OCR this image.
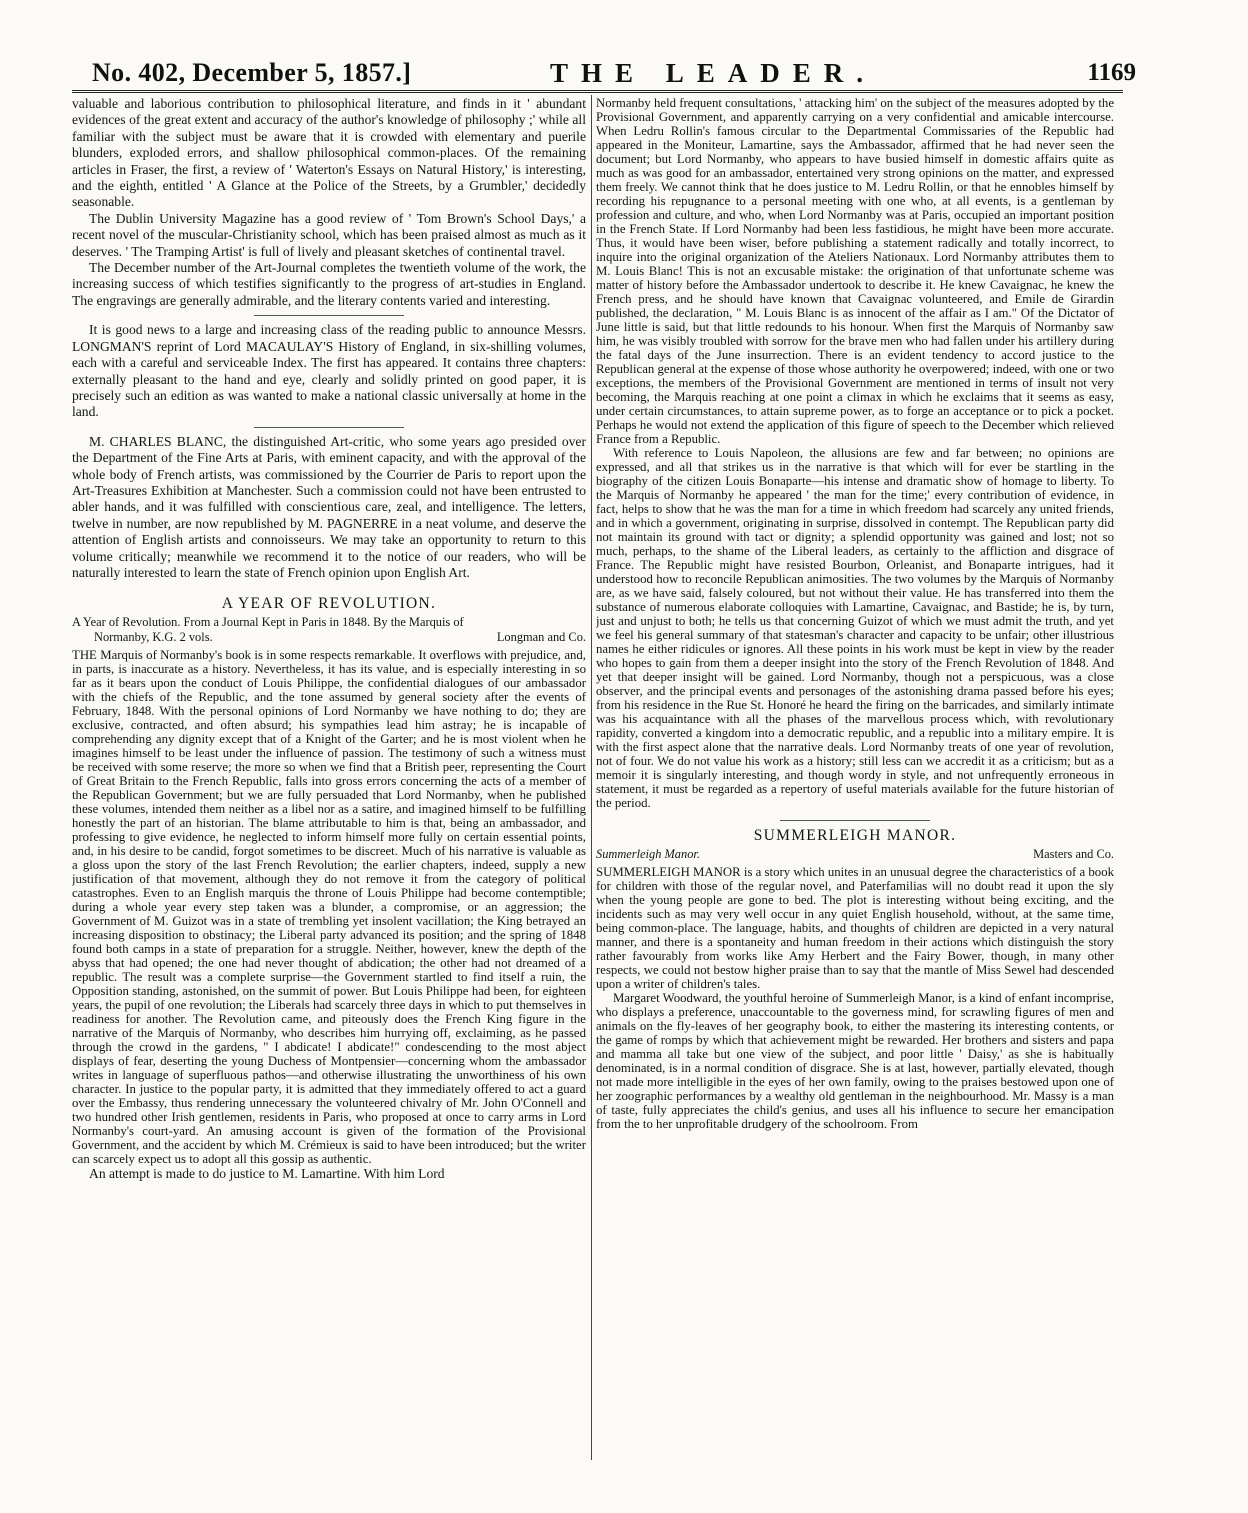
No. 402, December 5, 1857.]	THE LEADER.	1169

valuable and laborious contribution to philosophical literature, and finds in it ' abundant evidences of the great extent and accuracy of the author's knowledge of philosophy ;' while all familiar with the subject must be aware that it is crowded with elementary and puerile blunders, exploded errors, and shallow philosophical common-places. Of the remaining articles in Fraser, the first, a review of ' Waterton's Essays on Natural History,' is interesting, and the eighth, entitled ' A Glance at the Police of the Streets, by a Grumbler,' decidedly seasonable.

The Dublin University Magazine has a good review of ' Tom Brown's School Days,' a recent novel of the muscular-Christianity school, which has been praised almost as much as it deserves. ' The Tramping Artist' is full of lively and pleasant sketches of continental travel.

The December number of the Art-Journal completes the twentieth volume of the work, the increasing success of which testifies significantly to the progress of art-studies in England. The engravings are generally admirable, and the literary contents varied and interesting.

It is good news to a large and increasing class of the reading public to announce Messrs. LONGMAN'S reprint of Lord MACAULAY'S History of England, in six-shilling volumes, each with a careful and serviceable Index. The first has appeared. It contains three chapters: externally pleasant to the hand and eye, clearly and solidly printed on good paper, it is precisely such an edition as was wanted to make a national classic universally at home in the land.

M. CHARLES BLANC, the distinguished Art-critic, who some years ago presided over the Department of the Fine Arts at Paris, with eminent capacity, and with the approval of the whole body of French artists, was commissioned by the Courrier de Paris to report upon the Art-Treasures Exhibition at Manchester. Such a commission could not have been entrusted to abler hands, and it was fulfilled with conscientious care, zeal, and intelligence. The letters, twelve in number, are now republished by M. PAGNERRE in a neat volume, and deserve the attention of English artists and connoisseurs. We may take an opportunity to return to this volume critically; meanwhile we recommend it to the notice of our readers, who will be naturally interested to learn the state of French opinion upon English Art.

A YEAR OF REVOLUTION.
A Year of Revolution. From a Journal Kept in Paris in 1848. By the Marquis of
Longman and Co.
Normanby, K.G. 2 vols.

THE Marquis of Normanby's book is in some respects remarkable. It overflows with prejudice, and, in parts, is inaccurate as a history. Nevertheless, it has its value, and is especially interesting in so far as it bears upon the conduct of Louis Philippe, the confidential dialogues of our ambassador with the chiefs of the Republic, and the tone assumed by general society after the events of February, 1848. With the personal opinions of Lord Normanby we have nothing to do; they are exclusive, contracted, and often absurd; his sympathies lead him astray; he is incapable of comprehending any dignity except that of a Knight of the Garter; and he is most violent when he imagines himself to be least under the influence of passion. The testimony of such a witness must be received with some reserve; the more so when we find that a British peer, representing the Court of Great Britain to the French Republic, falls into gross errors concerning the acts of a member of the Republican Government; but we are fully persuaded that Lord Normanby, when he published these volumes, intended them neither as a libel nor as a satire, and imagined himself to be fulfilling honestly the part of an historian. The blame attributable to him is that, being an ambassador, and professing to give evidence, he neglected to inform himself more fully on certain essential points, and, in his desire to be candid, forgot sometimes to be discreet. Much of his narrative is valuable as a gloss upon the story of the last French Revolution; the earlier chapters, indeed, supply a new justification of that movement, although they do not remove it from the category of political catastrophes. Even to an English marquis the throne of Louis Philippe had become contemptible; during a whole year every step taken was a blunder, a compromise, or an aggression; the Government of M. Guizot was in a state of trembling yet insolent vacillation; the King betrayed an increasing disposition to obstinacy; the Liberal party advanced its position; and the spring of 1848 found both camps in a state of preparation for a struggle. Neither, however, knew the depth of the abyss that had opened; the one had never thought of abdication; the other had not dreamed of a republic. The result was a complete surprise—the Government startled to find itself a ruin, the Opposition standing, astonished, on the summit of power. But Louis Philippe had been, for eighteen years, the pupil of one revolution; the Liberals had scarcely three days in which to put themselves in readiness for another. The Revolution came, and piteously does the French King figure in the narrative of the Marquis of Normanby, who describes him hurrying off, exclaiming, as he passed through the crowd in the gardens, " I abdicate! I abdicate!" condescending to the most abject displays of fear, deserting the young Duchess of Montpensier—concerning whom the ambassador writes in language of superfluous pathos—and otherwise illustrating the unworthiness of his own character. In justice to the popular party, it is admitted that they immediately offered to act a guard over the Embassy, thus rendering unnecessary the volunteered chivalry of Mr. John O'Connell and two hundred other Irish gentlemen, residents in Paris, who proposed at once to carry arms in Lord Normanby's court-yard. An amusing account is given of the formation of the Provisional Government, and the accident by which M. Crémieux is said to have been introduced; but the writer can scarcely expect us to adopt all this gossip as authentic.

An attempt is made to do justice to M. Lamartine. With him Lord

Normanby held frequent consultations, ' attacking him' on the subject of the measures adopted by the Provisional Government, and apparently carrying on a very confidential and amicable intercourse. When Ledru Rollin's famous circular to the Departmental Commissaries of the Republic had appeared in the Moniteur, Lamartine, says the Ambassador, affirmed that he had never seen the document; but Lord Normanby, who appears to have busied himself in domestic affairs quite as much as was good for an ambassador, entertained very strong opinions on the matter, and expressed them freely. We cannot think that he does justice to M. Ledru Rollin, or that he ennobles himself by recording his repugnance to a personal meeting with one who, at all events, is a gentleman by profession and culture, and who, when Lord Normanby was at Paris, occupied an important position in the French State. If Lord Normanby had been less fastidious, he might have been more accurate. Thus, it would have been wiser, before publishing a statement radically and totally incorrect, to inquire into the original organization of the Ateliers Nationaux. Lord Normanby attributes them to M. Louis Blanc! This is not an excusable mistake: the origination of that unfortunate scheme was matter of history before the Ambassador undertook to describe it. He knew Cavaignac, he knew the French press, and he should have known that Cavaignac volunteered, and Emile de Girardin published, the declaration, " M. Louis Blanc is as innocent of the affair as I am." Of the Dictator of June little is said, but that little redounds to his honour. When first the Marquis of Normanby saw him, he was visibly troubled with sorrow for the brave men who had fallen under his artillery during the fatal days of the June insurrection. There is an evident tendency to accord justice to the Republican general at the expense of those whose authority he overpowered; indeed, with one or two exceptions, the members of the Provisional Government are mentioned in terms of insult not very becoming, the Marquis reaching at one point a climax in which he exclaims that it seems as easy, under certain circumstances, to attain supreme power, as to forge an acceptance or to pick a pocket. Perhaps he would not extend the application of this figure of speech to the December which relieved France from a Republic.

With reference to Louis Napoleon, the allusions are few and far between; no opinions are expressed, and all that strikes us in the narrative is that which will for ever be startling in the biography of the citizen Louis Bonaparte—his intense and dramatic show of homage to liberty. To the Marquis of Normanby he appeared ' the man for the time;' every contribution of evidence, in fact, helps to show that he was the man for a time in which freedom had scarcely any united friends, and in which a government, originating in surprise, dissolved in contempt. The Republican party did not maintain its ground with tact or dignity; a splendid opportunity was gained and lost; not so much, perhaps, to the shame of the Liberal leaders, as certainly to the affliction and disgrace of France. The Republic might have resisted Bourbon, Orleanist, and Bonaparte intrigues, had it understood how to reconcile Republican animosities. The two volumes by the Marquis of Normanby are, as we have said, falsely coloured, but not without their value. He has transferred into them the substance of numerous elaborate colloquies with Lamartine, Cavaignac, and Bastide; he is, by turn, just and unjust to both; he tells us that concerning Guizot of which we must admit the truth, and yet we feel his general summary of that statesman's character and capacity to be unfair; other illustrious names he either ridicules or ignores. All these points in his work must be kept in view by the reader who hopes to gain from them a deeper insight into the story of the French Revolution of 1848. And yet that deeper insight will be gained. Lord Normanby, though not a perspicuous, was a close observer, and the principal events and personages of the astonishing drama passed before his eyes; from his residence in the Rue St. Honoré he heard the firing on the barricades, and similarly intimate was his acquaintance with all the phases of the marvellous process which, with revolutionary rapidity, converted a kingdom into a democratic republic, and a republic into a military empire. It is with the first aspect alone that the narrative deals. Lord Normanby treats of one year of revolution, not of four. We do not value his work as a history; still less can we accredit it as a criticism; but as a memoir it is singularly interesting, and though wordy in style, and not unfrequently erroneous in statement, it must be regarded as a repertory of useful materials available for the future historian of the period.

SUMMERLEIGH MANOR.
Masters and Co.
Summerleigh Manor.

SUMMERLEIGH MANOR is a story which unites in an unusual degree the characteristics of a book for children with those of the regular novel, and Paterfamilias will no doubt read it upon the sly when the young people are gone to bed. The plot is interesting without being exciting, and the incidents such as may very well occur in any quiet English household, without, at the same time, being common-place. The language, habits, and thoughts of children are depicted in a very natural manner, and there is a spontaneity and human freedom in their actions which distinguish the story rather favourably from works like Amy Herbert and the Fairy Bower, though, in many other respects, we could not bestow higher praise than to say that the mantle of Miss Sewel had descended upon a writer of children's tales.

Margaret Woodward, the youthful heroine of Summerleigh Manor, is a kind of enfant incomprise, who displays a preference, unaccountable to the governess mind, for scrawling figures of men and animals on the fly-leaves of her geography book, to either the mastering its interesting contents, or the game of romps by which that achievement might be rewarded. Her brothers and sisters and papa and mamma all take but one view of the subject, and poor little ' Daisy,' as she is habitually denominated, is in a normal condition of disgrace. She is at last, however, partially elevated, though not made more intelligible in the eyes of her own family, owing to the praises bestowed upon one of her zoographic performances by a wealthy old gentleman in the neighbourhood. Mr. Massy is a man of taste, fully appreciates the child's genius, and uses all his influence to secure her emancipation from the to her unprofitable drudgery of the schoolroom. From
